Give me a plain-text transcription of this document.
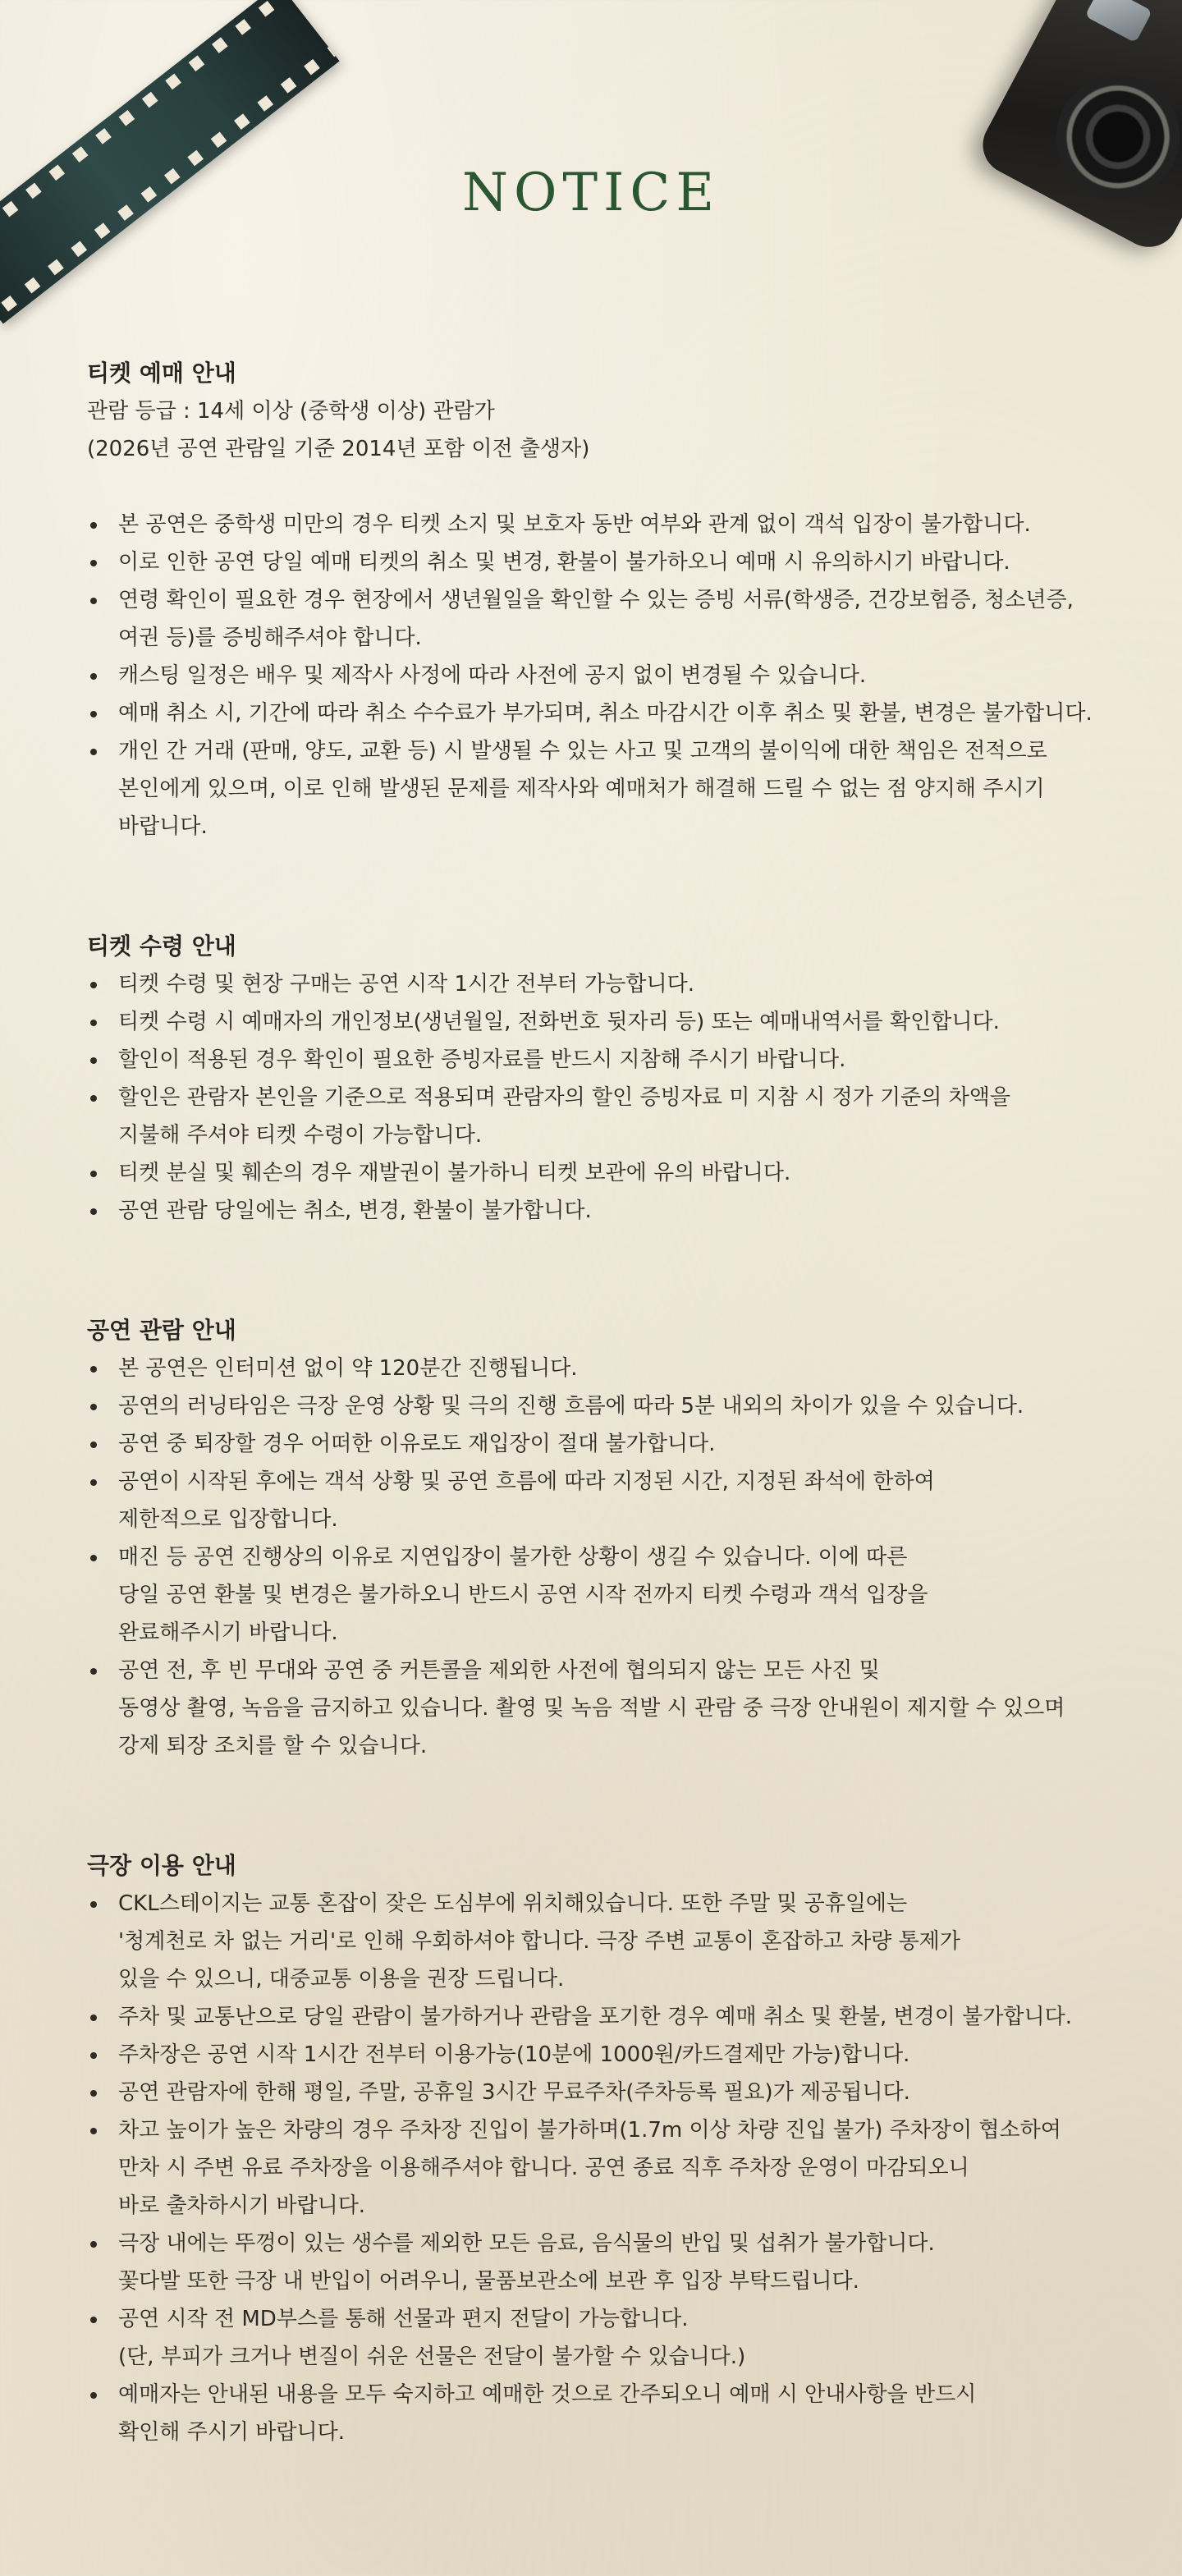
NOTICE
티켓 예매 안내

관람 등급 : 14세 이상 (중학생 이상) 관람가

(2026년 공연 관람일 기준 2014년 포함 이전 출생자)

본 공연은 중학생 미만의 경우 티켓 소지 및 보호자 동반 여부와 관계 없이 객석 입장이 불가합니다.
이로 인한 공연 당일 예매 티켓의 취소 및 변경, 환불이 불가하오니 예매 시 유의하시기 바랍니다.
연령 확인이 필요한 경우 현장에서 생년월일을 확인할 수 있는 증빙 서류(학생증, 건강보험증, 청소년증,
여권 등)를 증빙해주셔야 합니다.
캐스팅 일정은 배우 및 제작사 사정에 따라 사전에 공지 없이 변경될 수 있습니다.
예매 취소 시, 기간에 따라 취소 수수료가 부가되며, 취소 마감시간 이후 취소 및 환불, 변경은 불가합니다.
개인 간 거래 (판매, 양도, 교환 등) 시 발생될 수 있는 사고 및 고객의 불이익에 대한 책임은 전적으로
본인에게 있으며, 이로 인해 발생된 문제를 제작사와 예매처가 해결해 드릴 수 없는 점 양지해 주시기
바랍니다.
티켓 수령 안내
티켓 수령 및 현장 구매는 공연 시작 1시간 전부터 가능합니다.
티켓 수령 시 예매자의 개인정보(생년월일, 전화번호 뒷자리 등) 또는 예매내역서를 확인합니다.
할인이 적용된 경우 확인이 필요한 증빙자료를 반드시 지참해 주시기 바랍니다.
할인은 관람자 본인을 기준으로 적용되며 관람자의 할인 증빙자료 미 지참 시 정가 기준의 차액을
지불해 주셔야 티켓 수령이 가능합니다.
티켓 분실 및 훼손의 경우 재발권이 불가하니 티켓 보관에 유의 바랍니다.
공연 관람 당일에는 취소, 변경, 환불이 불가합니다.
공연 관람 안내
본 공연은 인터미션 없이 약 120분간 진행됩니다.
공연의 러닝타임은 극장 운영 상황 및 극의 진행 흐름에 따라 5분 내외의 차이가 있을 수 있습니다.
공연 중 퇴장할 경우 어떠한 이유로도 재입장이 절대 불가합니다.
공연이 시작된 후에는 객석 상황 및 공연 흐름에 따라 지정된 시간, 지정된 좌석에 한하여
제한적으로 입장합니다.
매진 등 공연 진행상의 이유로 지연입장이 불가한 상황이 생길 수 있습니다. 이에 따른
당일 공연 환불 및 변경은 불가하오니 반드시 공연 시작 전까지 티켓 수령과 객석 입장을
완료해주시기 바랍니다.
공연 전, 후 빈 무대와 공연 중 커튼콜을 제외한 사전에 협의되지 않는 모든 사진 및
동영상 촬영, 녹음을 금지하고 있습니다. 촬영 및 녹음 적발 시 관람 중 극장 안내원이 제지할 수 있으며
강제 퇴장 조치를 할 수 있습니다.
극장 이용 안내
CKL스테이지는 교통 혼잡이 잦은 도심부에 위치해있습니다. 또한 주말 및 공휴일에는
'청계천로 차 없는 거리'로 인해 우회하셔야 합니다. 극장 주변 교통이 혼잡하고 차량 통제가
있을 수 있으니, 대중교통 이용을 권장 드립니다.
주차 및 교통난으로 당일 관람이 불가하거나 관람을 포기한 경우 예매 취소 및 환불, 변경이 불가합니다.
주차장은 공연 시작 1시간 전부터 이용가능(10분에 1000원/카드결제만 가능)합니다.
공연 관람자에 한해 평일, 주말, 공휴일 3시간 무료주차(주차등록 필요)가 제공됩니다.
차고 높이가 높은 차량의 경우 주차장 진입이 불가하며(1.7m 이상 차량 진입 불가) 주차장이 협소하여
만차 시 주변 유료 주차장을 이용해주셔야 합니다. 공연 종료 직후 주차장 운영이 마감되오니
바로 출차하시기 바랍니다.
극장 내에는 뚜껑이 있는 생수를 제외한 모든 음료, 음식물의 반입 및 섭취가 불가합니다.
꽃다발 또한 극장 내 반입이 어려우니, 물품보관소에 보관 후 입장 부탁드립니다.
공연 시작 전 MD부스를 통해 선물과 편지 전달이 가능합니다.
(단, 부피가 크거나 변질이 쉬운 선물은 전달이 불가할 수 있습니다.)
예매자는 안내된 내용을 모두 숙지하고 예매한 것으로 간주되오니 예매 시 안내사항을 반드시
확인해 주시기 바랍니다.
